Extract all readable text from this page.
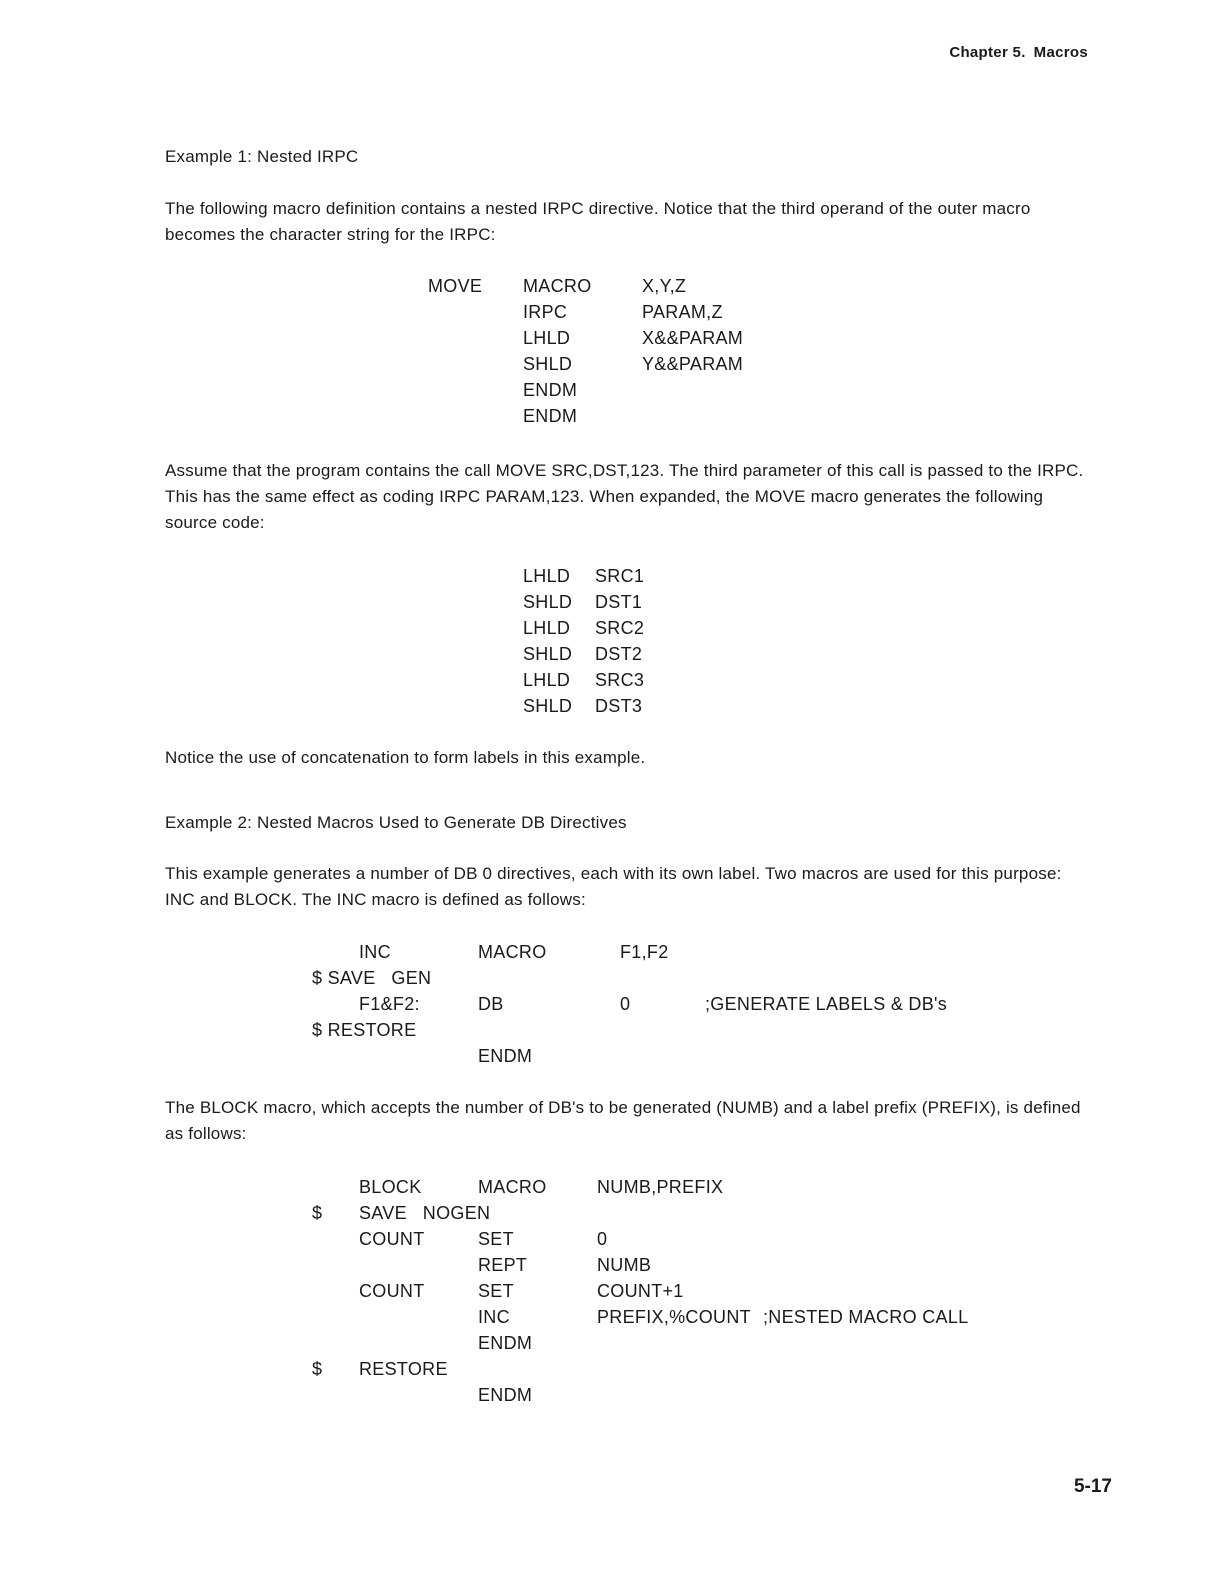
Chapter 5. Macros
Example 1: Nested IRPC
The following macro definition contains a nested IRPC directive. Notice that the third operand of the outer macro becomes the character string for the IRPC:
MOVE MACRO	X,Y,Z
IRPC	PARAM,Z
LHLD	X&&PARAM
SHLD	Y&&PARAM
ENDM
ENDM
Assume that the program contains the call MOVE SRC,DST,123. The third parameter of this call is passed to the IRPC. This has the same effect as coding IRPC PARAM,123. When expanded, the MOVE macro generates the following source code:
LHLD SRC1
SHLD DST1
LHLD SRC2
SHLD DST2
LHLD SRC3
SHLD DST3
Notice the use of concatenation to form labels in this example.
Example 2: Nested Macros Used to Generate DB Directives
This example generates a number of DB 0 directives, each with its own label. Two macros are used for this purpose: INC and BLOCK. The INC macro is defined as follows:
INC	MACRO	F1,F2
$ SAVE   GEN
F1&F2:	DB	0	;GENERATE LABELS & DB's
$ RESTORE
ENDM
The BLOCK macro, which accepts the number of DB's to be generated (NUMB) and a label prefix (PREFIX), is defined as follows:
BLOCK	MACRO	NUMB,PREFIX
$ SAVE   NOGEN
COUNT	SET	0
REPT	NUMB
COUNT	SET	COUNT+1
INC	PREFIX,%COUNT ;NESTED MACRO CALL
ENDM
$ RESTORE
ENDM
5-17
